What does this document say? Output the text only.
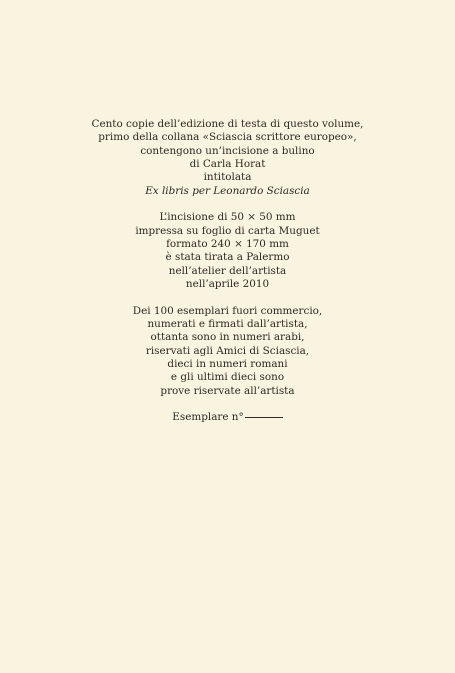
Cento copie dell’edizione di testa di questo volume,
primo della collana «Sciascia scrittore europeo»,
contengono un’incisione a bulino
di Carla Horat
intitolata
Ex libris per Leonardo Sciascia

L’incisione di 50 × 50 mm
impressa su foglio di carta Muguet
formato 240 × 170 mm
è stata tirata a Palermo
nell’atelier dell’artista
nell’aprile 2010

Dei 100 esemplari fuori commercio,
numerati e firmati dall’artista,
ottanta sono in numeri arabi,
riservati agli Amici di Sciascia,
dieci in numeri romani
e gli ultimi dieci sono
prove riservate all’artista

Esemplare n°
